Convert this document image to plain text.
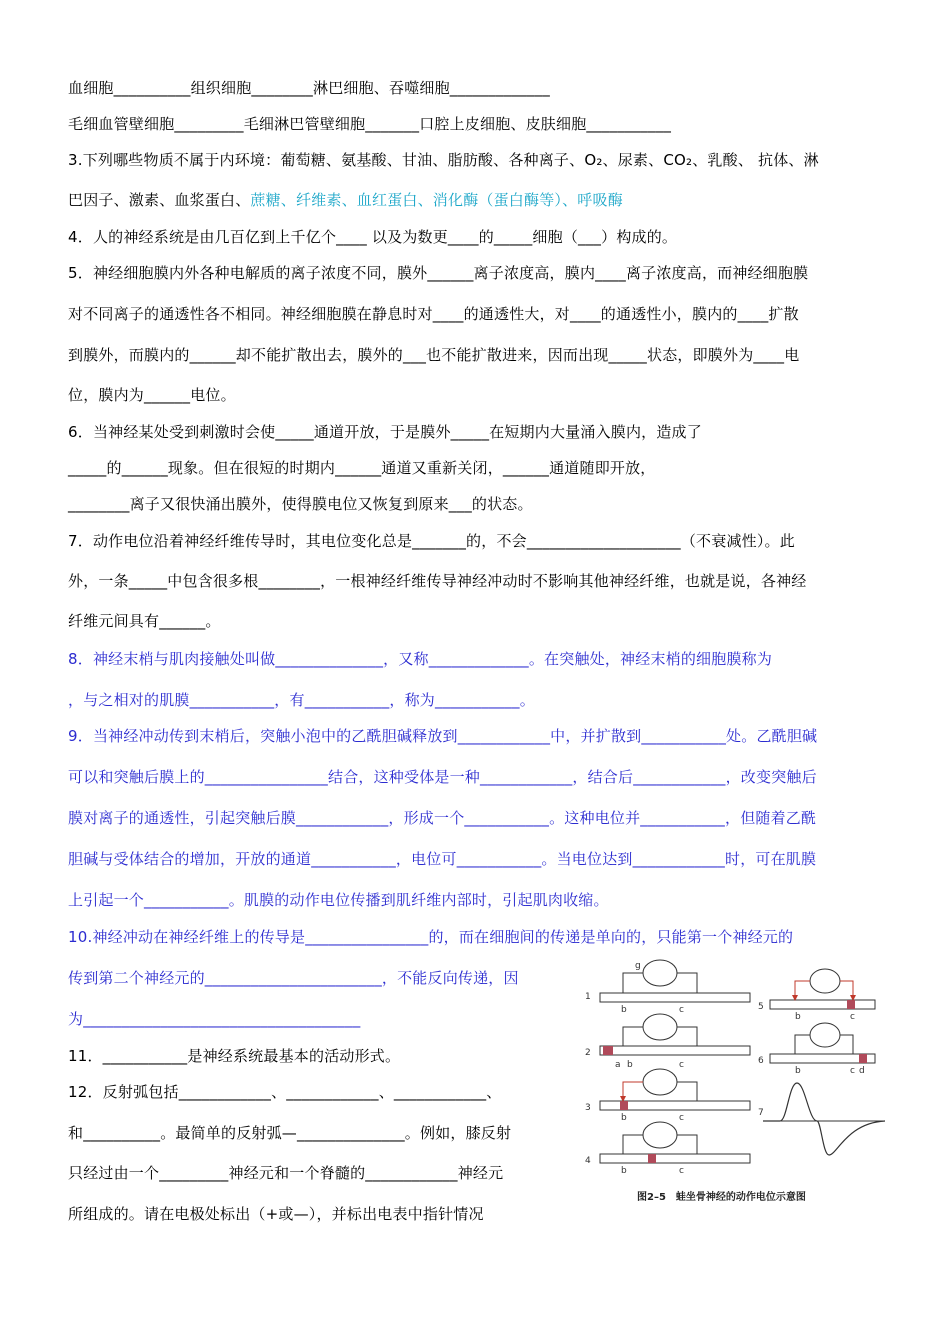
血细胞__________组织细胞________淋巴细胞、吞噬细胞_____________
毛细血管壁细胞_________毛细淋巴管壁细胞_______口腔上皮细胞、皮肤细胞___________
3.下列哪些物质不属于内环境：葡萄糖、氨基酸、甘油、脂肪酸、各种离子、O₂、尿素、CO₂、乳酸、 抗体、淋
巴因子、激素、血浆蛋白、蔗糖、纤维素、血红蛋白、消化酶（蛋白酶等）、呼吸酶
4．人的神经系统是由几百亿到上千亿个____ 以及为数更____的_____细胞（___）构成的。
5．神经细胞膜内外各种电解质的离子浓度不同，膜外______离子浓度高，膜内____离子浓度高，而神经细胞膜
对不同离子的通透性各不相同。神经细胞膜在静息时对____的通透性大，对____的通透性小，膜内的____扩散
到膜外，而膜内的______却不能扩散出去，膜外的___也不能扩散进来，因而出现_____状态，即膜外为____电
位，膜内为______电位。
6．当神经某处受到刺激时会使_____通道开放，于是膜外_____在短期内大量涌入膜内，造成了
_____的______现象。但在很短的时期内______通道又重新关闭，______通道随即开放，
________离子又很快涌出膜外，使得膜电位又恢复到原来___的状态。
7．动作电位沿着神经纤维传导时，其电位变化总是_______的，不会____________________（不衰减性）。此
外，一条_____中包含很多根________，一根神经纤维传导神经冲动时不影响其他神经纤维，也就是说，各神经
纤维元间具有______。
8．神经末梢与肌肉接触处叫做______________，又称_____________。在突触处，神经末梢的细胞膜称为
，与之相对的肌膜___________，有___________，称为___________。
9．当神经冲动传到末梢后，突触小泡中的乙酰胆碱释放到____________中，并扩散到___________处。乙酰胆碱
可以和突触后膜上的________________结合，这种受体是一种____________，结合后____________，改变突触后
膜对离子的通透性，引起突触后膜____________，形成一个___________。这种电位并___________，但随着乙酰
胆碱与受体结合的增加，开放的通道___________，电位可___________。当电位达到____________时，可在肌膜
上引起一个___________。肌膜的动作电位传播到肌纤维内部时，引起肌肉收缩。
10.神经冲动在神经纤维上的传导是________________的，而在细胞间的传递是单向的，只能第一个神经元的
传到第二个神经元的_______________________，不能反向传递，因
为____________________________________
11．___________是神经系统最基本的活动形式。
12．反射弧包括____________、____________、____________、
和__________。最简单的反射弧—______________。例如，膝反射
只经过由一个_________神经元和一个脊髓的____________神经元
所组成的。请在电极处标出（+或—），并标出电表中指针情况
1
g
b	c
2
a b	c
3
b	c
4
b	c
5
b	c
6
b	c d
7
图2–5　蛙坐骨神经的动作电位示意图
